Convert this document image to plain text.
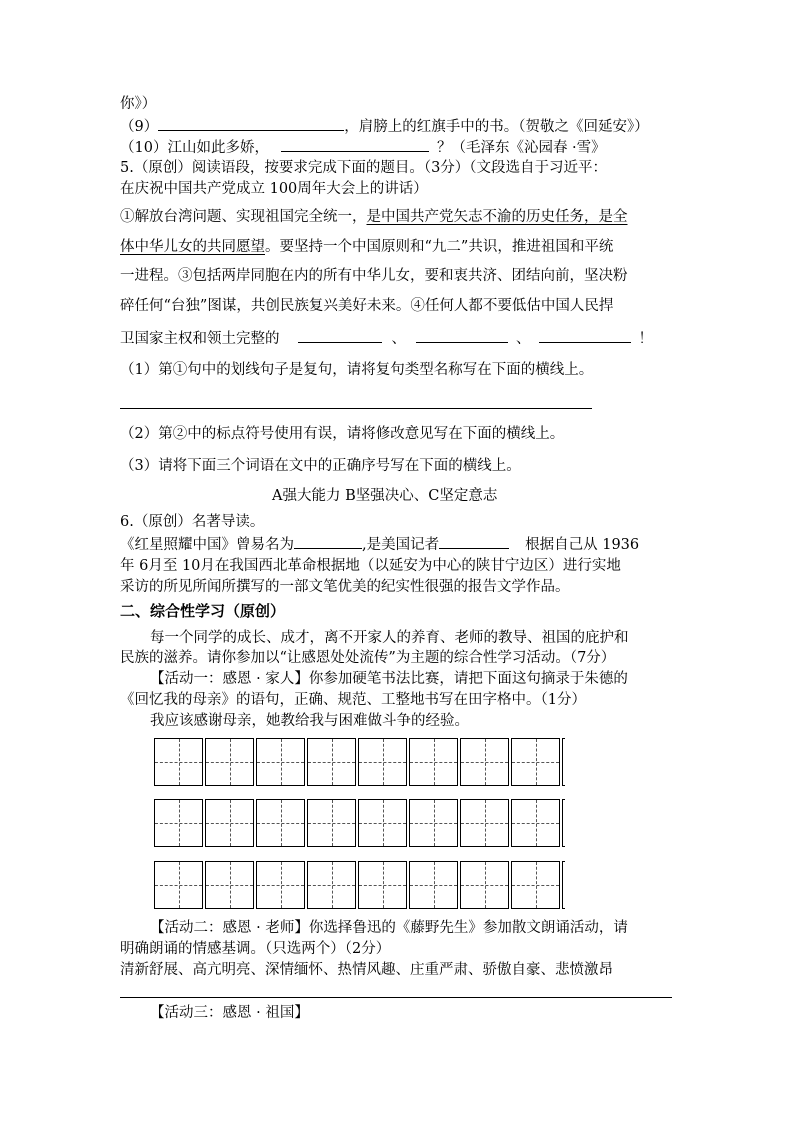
你》）
（9）	，肩膀上的红旗手中的书。（贺敬之《回延安》）
（10）江山如此多娇，	？（毛泽东《沁园春 ·雪》
5.（原创）阅读语段，按要求完成下面的题目。（3分）（文段选自于习近平：
在庆祝中国共产党成立 100周年大会上的讲话）
①解放台湾问题、实现祖国完全统一，是中国共产党矢志不渝的历史任务，是全
体中华儿女的共同愿望。要坚持一个中国原则和“九二”共识，推进祖国和平统
一进程。③包括两岸同胞在内的所有中华儿女，要和衷共济、团结向前，坚决粉
碎任何“台独”图谋，共创民族复兴美好未来。④任何人都不要低估中国人民捍
卫国家主权和领土完整的	、	、	！
（1）第①句中的划线句子是复句，请将复句类型名称写在下面的横线上。
（2）第②中的标点符号使用有误，请将修改意见写在下面的横线上。
（3）请将下面三个词语在文中的正确序号写在下面的横线上。
A强大能力 B坚强决心、C坚定意志
6.（原创）名著导读。
《红星照耀中国》曾易名为	,是美国记者	根据自己从 1936
年 6月至 10月在我国西北革命根据地（以延安为中心的陕甘宁边区）进行实地
采访的所见所闻所撰写的一部文笔优美的纪实性很强的报告文学作品。
二、综合性学习（原创）
每一个同学的成长、成才，离不开家人的养育、老师的教导、祖国的庇护和
民族的滋养。请你参加以“让感恩处处流传”为主题的综合性学习活动。（7分）
【活动一：感恩 · 家人】你参加硬笔书法比赛，请把下面这句摘录于朱德的
《回忆我的母亲》的语句，正确、规范、工整地书写在田字格中。（1分）
我应该感谢母亲，她教给我与困难做斗争的经验。
【活动二：感恩 · 老师】你选择鲁迅的《藤野先生》参加散文朗诵活动，请
明确朗诵的情感基调。（只选两个）（2分）
清新舒展、高亢明亮、深情缅怀、热情风趣、庄重严肃、骄傲自豪、悲愤激昂
【活动三：感恩 · 祖国】
